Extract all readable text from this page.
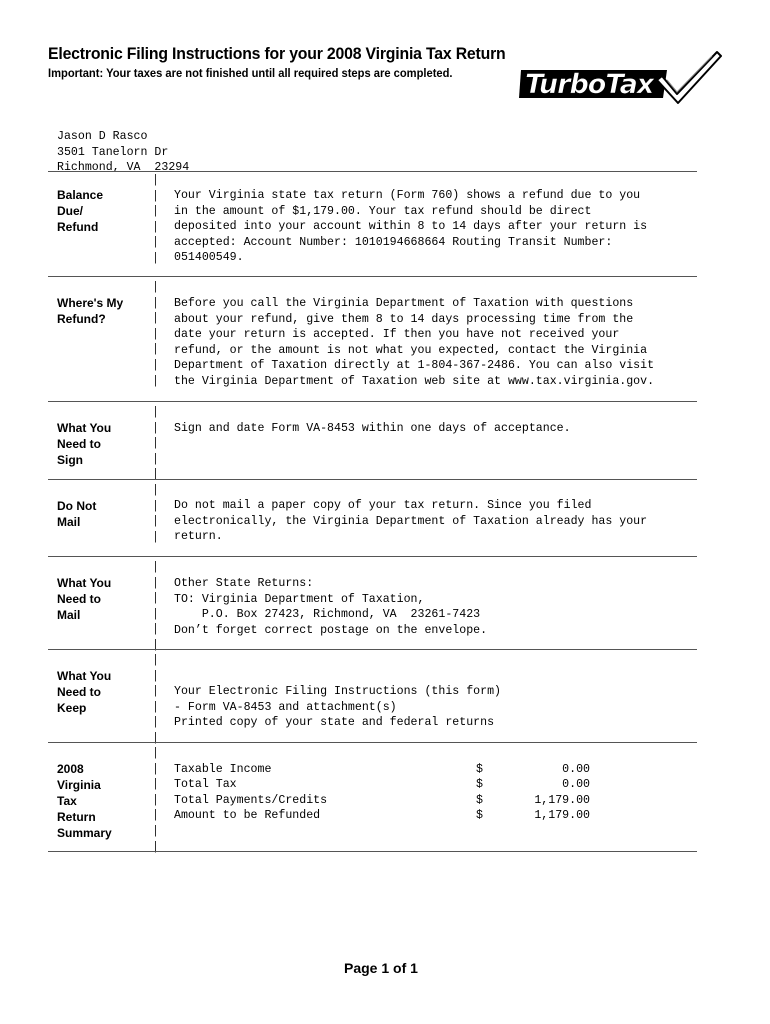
Electronic Filing Instructions for your 2008 Virginia Tax Return
Important: Your taxes are not finished until all required steps are completed.	TurboTax
Jason D Rasco
3501 Tanelorn Dr
Richmond, VA  23294
Balance
Due/
Refund
|
|
|
|
|
|
Your Virginia state tax return (Form 760) shows a refund due to you
in the amount of $1,179.00. Your tax refund should be direct
deposited into your account within 8 to 14 days after your return is
accepted: Account Number: 1010194668664 Routing Transit Number:
051400549.
Where's My
Refund?
|
|
|
|
|
|
|
Before you call the Virginia Department of Taxation with questions
about your refund, give them 8 to 14 days processing time from the
date your return is accepted. If then you have not received your
refund, or the amount is not what you expected, contact the Virginia
Department of Taxation directly at 1-804-367-2486. You can also visit
the Virginia Department of Taxation web site at www.tax.virginia.gov.
What You
Need to
Sign
|
|
|
|
|
Sign and date Form VA-8453 within one days of acceptance.
Do Not
Mail
|
|
|
|
Do not mail a paper copy of your tax return. Since you filed
electronically, the Virginia Department of Taxation already has your
return.
What You
Need to
Mail
|
|
|
|
|
|
Other State Returns:
TO: Virginia Department of Taxation,
P.O. Box 27423, Richmond, VA  23261-7423
Don’t forget correct postage on the envelope.
What You
Need to
Keep
|
|
|
|
|
|
Your Electronic Filing Instructions (this form)
- Form VA-8453 and attachment(s)
Printed copy of your state and federal returns
2008
Virginia
Tax
Return
Summary
|
|
|
|
|
|
|

Taxable Income

	$

	0.00

Total Tax

	$

	0.00

Total Payments/Credits

	$

	1,179.00

Amount to be Refunded

	$

	1,179.00

Page 1 of 1
